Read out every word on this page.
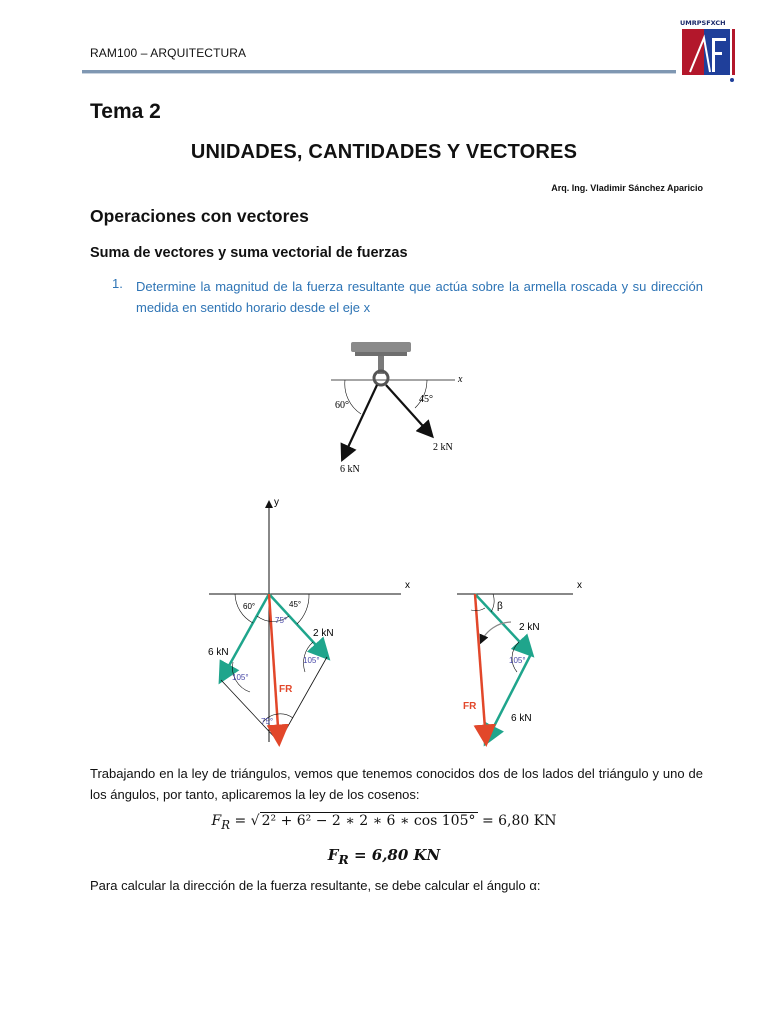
RAM100 – ARQUITECTURA
UMRPSFXCH
Tema 2
UNIDADES, CANTIDADES Y VECTORES
Arq. Ing. Vladimir Sánchez Aparicio
Operaciones con vectores
Suma de vectores y suma vectorial de fuerzas
1. Determine la magnitud de la fuerza resultante que actúa sobre la armella roscada y su dirección medida en sentido horario desde el eje x
x
60°
45°
6 kN
2 kN
y
x
60°	45°
75°
105°
105°
75°
2 kN
6 kN
FR
x
β
2 kN
105°
FR
6 kN
Trabajando en la ley de triángulos, vemos que tenemos conocidos dos de los lados del triángulo y uno de los ángulos, por tanto, aplicaremos la ley de los cosenos:
$F_R$ = √ 2² + 6² − 2 ∗ 2 ∗ 6 ∗ cos 105° = 6,80 KN
$F_R = 6,80$ KN
Para calcular la dirección de la fuerza resultante, se debe calcular el ángulo α:
